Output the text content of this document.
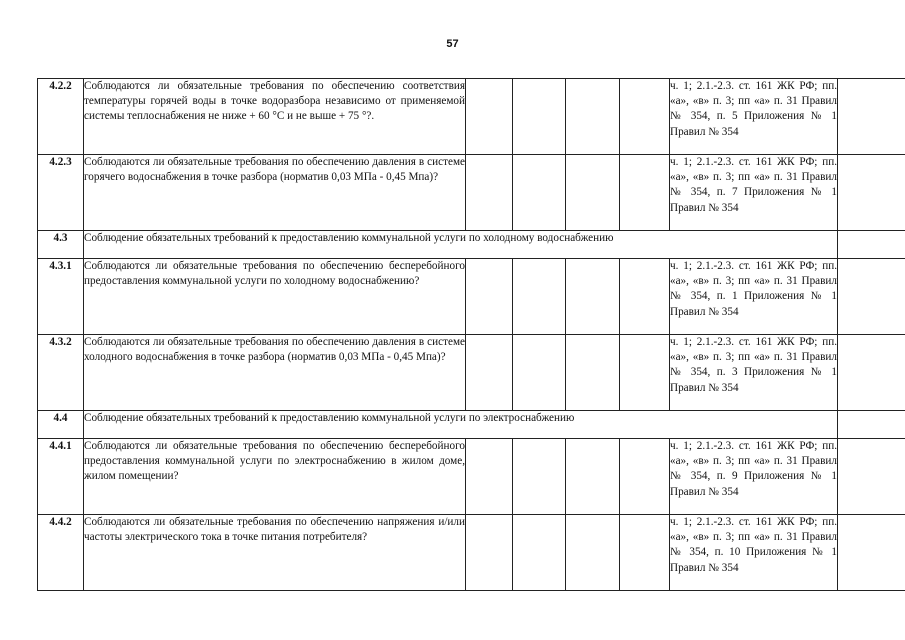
57
4.2.2	Соблюдаются ли обязательные требования по обеспечению соответствия температуры горячей воды в точке водоразбора независимо от применяемой системы теплоснабжения не ниже + 60 °С и не выше + 75 °?.					ч. 1; 2.1.-2.3. ст. 161 ЖК РФ; пп. «а», «в» п. 3; пп «а» п. 31 Правил № 354, п. 5 Приложения № 1 Правил № 354	
4.2.3	Соблюдаются ли обязательные требования по обеспечению давления в системе горячего водоснабжения в точке разбора (норматив 0,03 МПа - 0,45 Мпа)?					ч. 1; 2.1.-2.3. ст. 161 ЖК РФ; пп. «а», «в» п. 3; пп «а» п. 31 Правил № 354, п. 7 Приложения № 1 Правил № 354	
4.3	Соблюдение обязательных требований к предоставлению коммунальной услуги по холодному водоснабжению						
4.3.1	Соблюдаются ли обязательные требования по обеспечению бесперебойного предоставления коммунальной услуги по холодному водоснабжению?					ч. 1; 2.1.-2.3. ст. 161 ЖК РФ; пп. «а», «в» п. 3; пп «а» п. 31 Правил № 354, п. 1 Приложения № 1 Правил № 354	
4.3.2	Соблюдаются ли обязательные требования по обеспечению давления в системе холодного водоснабжения в точке разбора (норматив 0,03 МПа - 0,45 Мпа)?					ч. 1; 2.1.-2.3. ст. 161 ЖК РФ; пп. «а», «в» п. 3; пп «а» п. 31 Правил № 354, п. 3 Приложения № 1 Правил № 354	
4.4	Соблюдение обязательных требований к предоставлению коммунальной услуги по электроснабжению						
4.4.1	Соблюдаются ли обязательные требования по обеспечению бесперебойного предоставления коммунальной услуги по электроснабжению в жилом доме, жилом помещении?					ч. 1; 2.1.-2.3. ст. 161 ЖК РФ; пп. «а», «в» п. 3; пп «а» п. 31 Правил № 354, п. 9 Приложения № 1 Правил № 354	
4.4.2	Соблюдаются ли обязательные требования по обеспечению напряжения и/или частоты электрического тока в точке питания потребителя?					ч. 1; 2.1.-2.3. ст. 161 ЖК РФ; пп. «а», «в» п. 3; пп «а» п. 31 Правил № 354, п. 10 Приложения № 1 Правил № 354	
